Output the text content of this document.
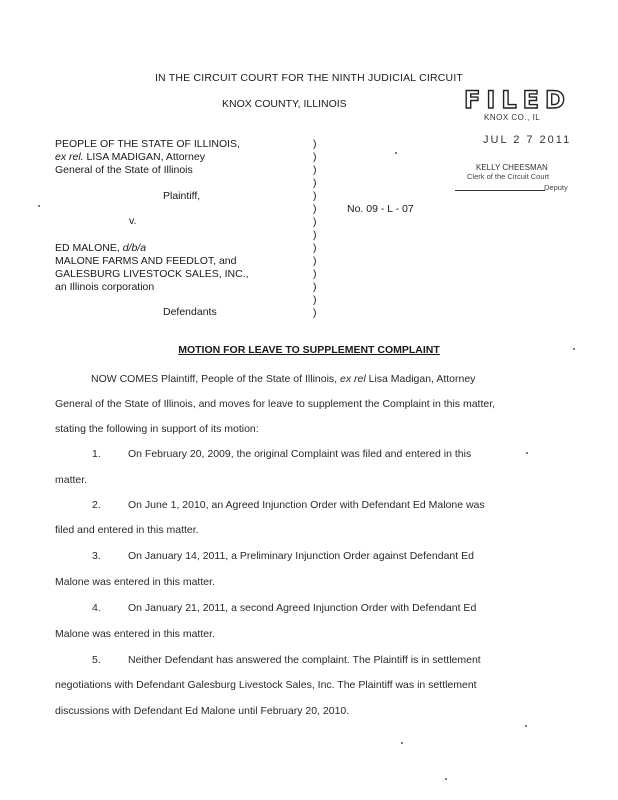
IN THE CIRCUIT COURT FOR THE NINTH JUDICIAL CIRCUIT
KNOX COUNTY, ILLINOIS	FILED
KNOX CO., IL
JUL 2 7 2011
KELLY CHEESMAN
Clerk of the Circuit Court
Deputy
PEOPLE OF THE STATE OF ILLINOIS,
ex rel. LISA MADIGAN, Attorney
General of the State of Illinois
Plaintiff,
v.
ED MALONE, d/b/a
MALONE FARMS AND FEEDLOT, and
GALESBURG LIVESTOCK SALES, INC.,
an Illinois corporation
Defendants
)
)
)
)
)
)
)
)
)
)
)
)
)
)
No. 09 - L - 07
MOTION FOR LEAVE TO SUPPLEMENT COMPLAINT
NOW COMES Plaintiff, People of the State of Illinois, ex rel Lisa Madigan, Attorney
General of the State of Illinois, and moves for leave to supplement the Complaint in this matter,
stating the following in support of its motion:
1.	On February 20, 2009, the original Complaint was filed and entered in this
matter.
2.	On June 1, 2010, an Agreed Injunction Order with Defendant Ed Malone was
filed and entered in this matter.
3.	On January 14, 2011, a Preliminary Injunction Order against Defendant Ed
Malone was entered in this matter.
4.	On January 21, 2011, a second Agreed Injunction Order with Defendant Ed
Malone was entered in this matter.
5.	Neither Defendant has answered the complaint. The Plaintiff is in settlement
negotiations with Defendant Galesburg Livestock Sales, Inc. The Plaintiff was in settlement
discussions with Defendant Ed Malone until February 20, 2010.
